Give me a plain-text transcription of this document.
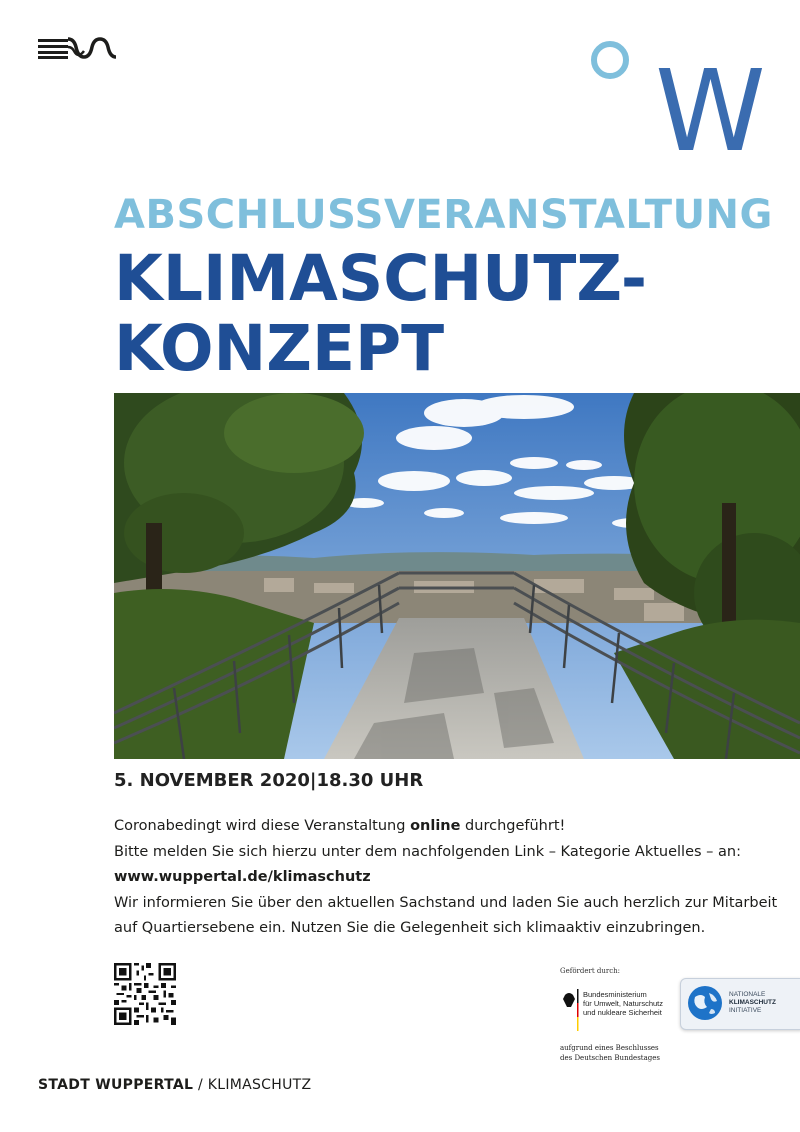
W
ABSCHLUSSVERANSTALTUNG
KLIMASCHUTZ-
KONZEPT
5. NOVEMBER 2020|18.30 UHR

Coronabedingt wird diese Veranstaltung online durchgeführt!

Bitte melden Sie sich hierzu unter dem nachfolgenden Link – Kategorie Aktuelles – an:

www.wuppertal.de/klimaschutz

Wir informieren Sie über den aktuellen Sachstand und laden Sie auch herzlich zur Mitarbeit

auf Quartiersebene ein. Nutzen Sie die Gelegenheit sich klimaaktiv einzubringen.

Gefördert durch:
Bundesministerium
für Umwelt, Naturschutz
und nukleare Sicherheit
aufgrund eines Beschlusses
des Deutschen Bundestages
NATIONALE
KLIMASCHUTZ
INITIATIVE
STADT WUPPERTAL / KLIMASCHUTZ
